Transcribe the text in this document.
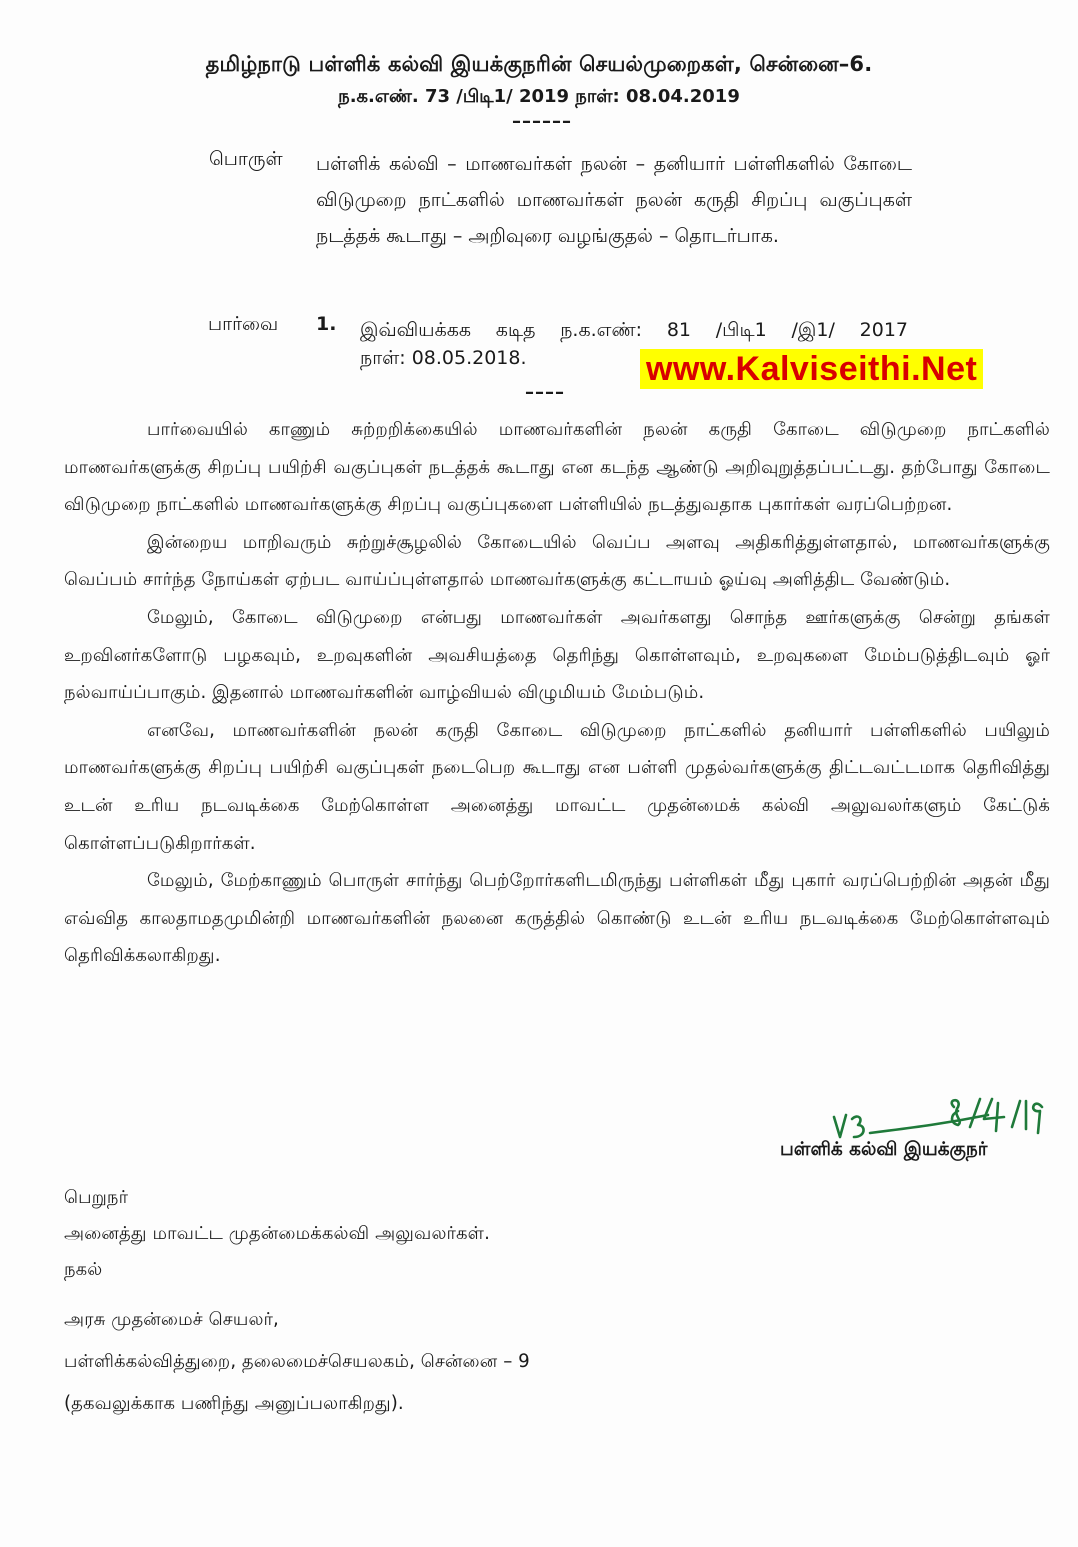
தமிழ்நாடு பள்ளிக் கல்வி இயக்குநரின் செயல்முறைகள், சென்னை–6.
ந.க.எண். 73 /பிடி1/ 2019 நாள்: 08.04.2019
––––––
பொருள் பள்ளிக் கல்வி – மாணவர்கள் நலன் – தனியார் பள்ளிகளில் கோடை விடுமுறை நாட்களில் மாணவர்கள் நலன் கருதி சிறப்பு வகுப்புகள் நடத்தக் கூடாது – அறிவுரை வழங்குதல் – தொடர்பாக.
பார்வை 1. இவ்வியக்கக கடித ந.க.எண்: 81 /பிடி1 /இ1/ 2017
நாள்: 08.05.2018.
––––
www.Kalviseithi.Net

பார்வையில் காணும் சுற்றறிக்கையில் மாணவர்களின் நலன் கருதி கோடை விடுமுறை நாட்களில் மாணவர்களுக்கு சிறப்பு பயிற்சி வகுப்புகள் நடத்தக் கூடாது என கடந்த ஆண்டு அறிவுறுத்தப்பட்டது. தற்போது கோடை விடுமுறை நாட்களில் மாணவர்களுக்கு சிறப்பு வகுப்புகளை பள்ளியில் நடத்துவதாக புகார்கள் வரப்பெற்றன.

இன்றைய மாறிவரும் சுற்றுச்சூழலில் கோடையில் வெப்ப அளவு அதிகரித்துள்ளதால், மாணவர்களுக்கு வெப்பம் சார்ந்த நோய்கள் ஏற்பட வாய்ப்புள்ளதால் மாணவர்களுக்கு கட்டாயம் ஓய்வு அளித்திட வேண்டும்.

மேலும், கோடை விடுமுறை என்பது மாணவர்கள் அவர்களது சொந்த ஊர்களுக்கு சென்று தங்கள் உறவினர்களோடு பழகவும், உறவுகளின் அவசியத்தை தெரிந்து கொள்ளவும், உறவுகளை மேம்படுத்திடவும் ஓர் நல்வாய்ப்பாகும். இதனால் மாணவர்களின் வாழ்வியல் விழுமியம் மேம்படும்.

எனவே, மாணவர்களின் நலன் கருதி கோடை விடுமுறை நாட்களில் தனியார் பள்ளிகளில் பயிலும் மாணவர்களுக்கு சிறப்பு பயிற்சி வகுப்புகள் நடைபெற கூடாது என பள்ளி முதல்வர்களுக்கு திட்டவட்டமாக தெரிவித்து உடன் உரிய நடவடிக்கை மேற்கொள்ள அனைத்து மாவட்ட முதன்மைக் கல்வி அலுவலர்களும் கேட்டுக் கொள்ளப்படுகிறார்கள்.

மேலும், மேற்காணும் பொருள் சார்ந்து பெற்றோர்களிடமிருந்து பள்ளிகள் மீது புகார் வரப்பெற்றின் அதன் மீது எவ்வித காலதாமதமுமின்றி மாணவர்களின் நலனை கருத்தில் கொண்டு உடன் உரிய நடவடிக்கை மேற்கொள்ளவும் தெரிவிக்கலாகிறது.

பள்ளிக் கல்வி இயக்குநர்
பெறுநர்
அனைத்து மாவட்ட முதன்மைக்கல்வி அலுவலர்கள்.
நகல்
அரசு முதன்மைச் செயலர்,
பள்ளிக்கல்வித்துறை, தலைமைச்செயலகம், சென்னை – 9
(தகவலுக்காக பணிந்து அனுப்பலாகிறது).
